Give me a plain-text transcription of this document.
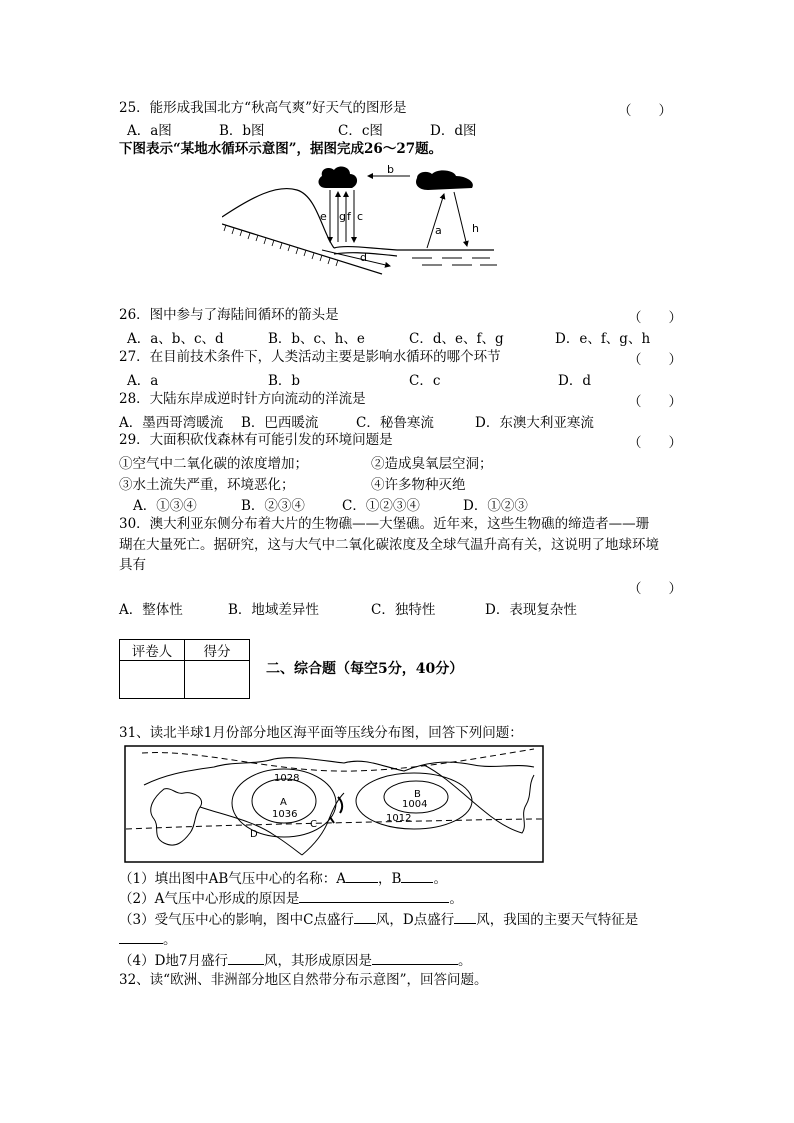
25．能形成我国北方“秋高气爽”好天气的图形是	（　　）
A．a图	B．b图	C．c图	D．d图
下图表示“某地水循环示意图”，据图完成26～27题。
b
e g f c
a	h
d
26．图中参与了海陆间循环的箭头是	（　　）
A．a、b、c、d	B．b、c、h、e	C．d、e、f、g	D．e、f、g、h
27．在目前技术条件下，人类活动主要是影响水循环的哪个环节	（　　）
A．a	B．b	C．c	D．d
28．大陆东岸成逆时针方向流动的洋流是	（　　）
A．墨西哥湾暖流 B．巴西暖流	C．秘鲁寒流	D．东澳大利亚寒流
29．大面积砍伐森林有可能引发的环境问题是	（　　）
①空气中二氧化碳的浓度增加；	②造成臭氧层空洞；
③水土流失严重，环境恶化；	④许多物种灭绝
A．①③④	B．②③④	C．①②③④	D．①②③
30．澳大利亚东侧分布着大片的生物礁——大堡礁。近年来，这些生物礁的缔造者——珊
瑚在大量死亡。据研究，这与大气中二氧化碳浓度及全球气温升高有关，这说明了地球环境
具有
（　　）
A．整体性	B．地域差异性	C．独特性	D．表现复杂性
评卷人	得分

二、综合题（每空5分，40分）
31、读北半球1月份部分地区海平面等压线分布图，回答下列问题：
1028
A
1036
B
1004
1012
C
D
（1）填出图中AB气压中心的名称：A ，B 。
（2）A气压中心形成的原因是	。
（3）受气压中心的影响，图中C点盛行 风，D点盛行 风，我国的主要天气特征是
。
（4）D地7月盛行	风，其形成原因是	。
32、读“欧洲、非洲部分地区自然带分布示意图”，回答问题。
